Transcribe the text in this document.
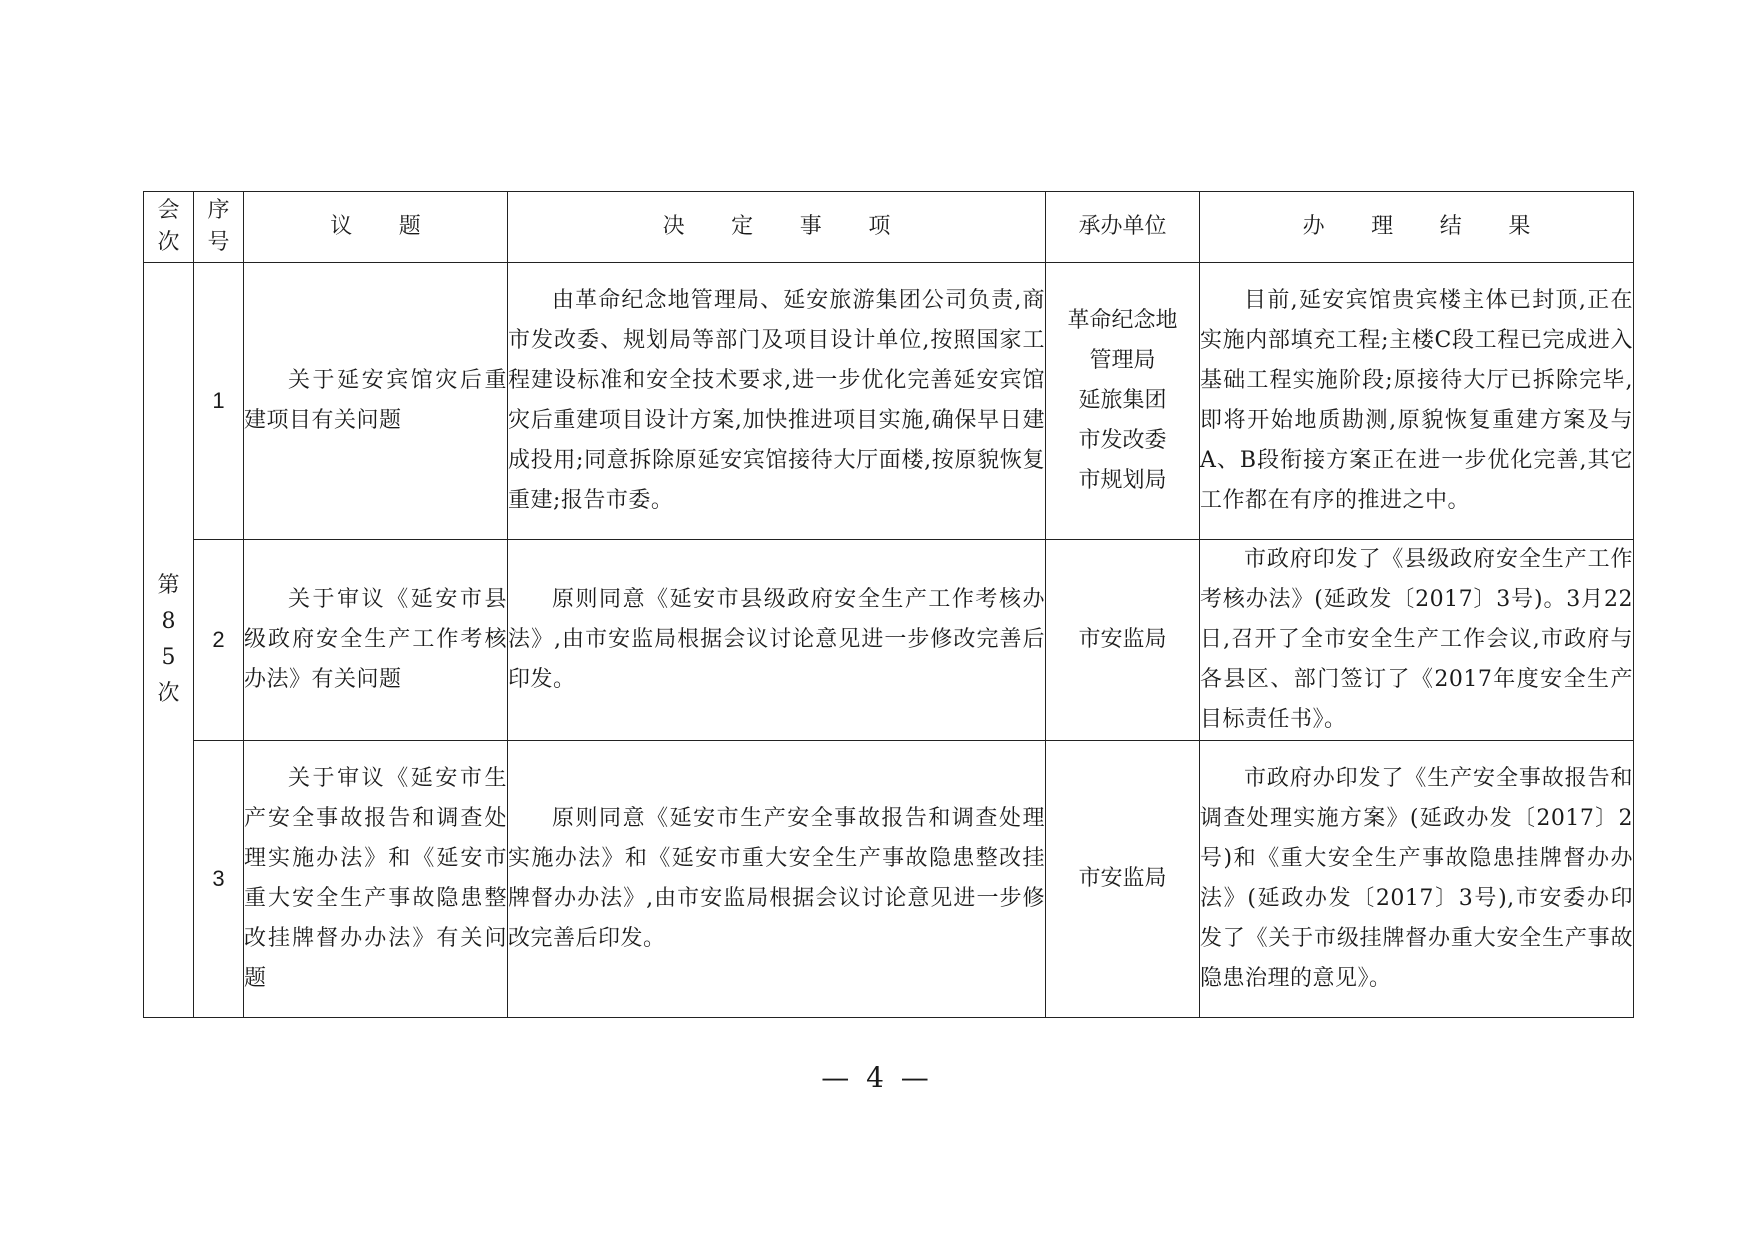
会次	序号	议 题	决 定 事 项	承办单位	办 理 结 果

第85次	1	关于延安宾馆灾后重建项目有关问题	由革命纪念地管理局、延安旅游集团公司负责,商市发改委、规划局等部门及项目设计单位,按照国家工程建设标准和安全技术要求,进一步优化完善延安宾馆灾后重建项目设计方案,加快推进项目实施,确保早日建成投用;同意拆除原延安宾馆接待大厅面楼,按原貌恢复重建;报告市委。	革命纪念地
管理局
延旅集团
市发改委
市规划局	目前,延安宾馆贵宾楼主体已封顶,正在实施内部填充工程;主楼C段工程已完成进入基础工程实施阶段;原接待大厅已拆除完毕,即将开始地质勘测,原貌恢复重建方案及与A、B段衔接方案正在进一步优化完善,其它工作都在有序的推进之中。
	2	关于审议《延安市县级政府安全生产工作考核办法》有关问题	原则同意《延安市县级政府安全生产工作考核办法》,由市安监局根据会议讨论意见进一步修改完善后印发。	市安监局	市政府印发了《县级政府安全生产工作考核办法》(延政发〔2017〕3号)。3月22日,召开了全市安全生产工作会议,市政府与各县区、部门签订了《2017年度安全生产目标责任书》。
	3	关于审议《延安市生产安全事故报告和调查处理实施办法》和《延安市重大安全生产事故隐患整改挂牌督办办法》有关问题	原则同意《延安市生产安全事故报告和调查处理实施办法》和《延安市重大安全生产事故隐患整改挂牌督办办法》,由市安监局根据会议讨论意见进一步修改完善后印发。	市安监局	市政府办印发了《生产安全事故报告和调查处理实施方案》(延政办发〔2017〕2号)和《重大安全生产事故隐患挂牌督办办法》(延政办发〔2017〕3号),市安委办印发了《关于市级挂牌督办重大安全生产事故隐患治理的意见》。
— 4 —
